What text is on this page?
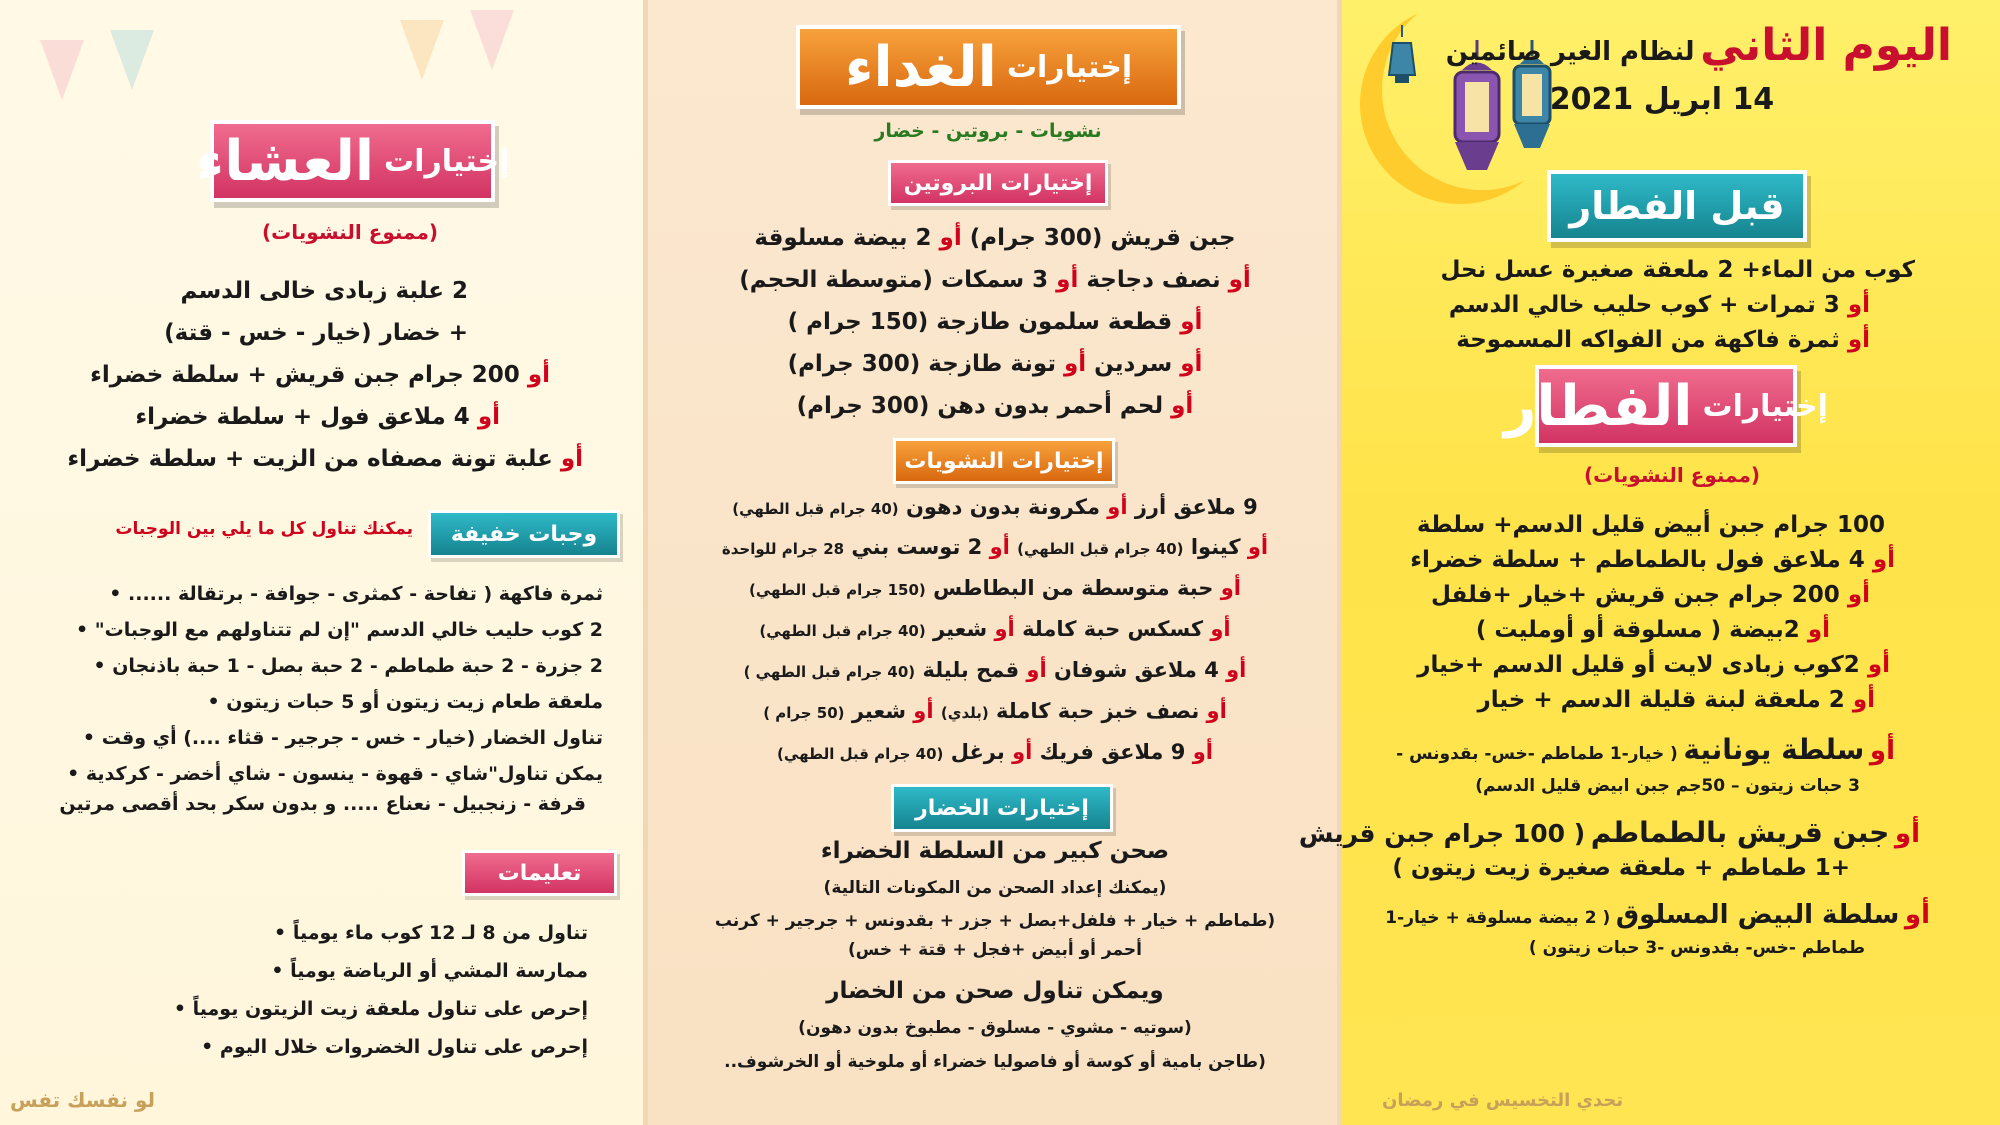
إختيارات
العشاء
(ممنوع النشويات)
2 علبة زبادى خالى الدسم
+ خضار (خيار - خس - قتة)
أو 200 جرام جبن قريش + سلطة خضراء
أو 4 ملاعق فول + سلطة خضراء
أو علبة تونة مصفاه من الزيت + سلطة خضراء
وجبات خفيفة
يمكنك تناول كل ما يلي بين الوجبات
ثمرة فاكهة ( تفاحة - كمثرى - جوافة - برتقالة ...... •
2 كوب حليب خالي الدسم "إن لم تتناولهم مع الوجبات" •
2 جزرة - 2 حبة طماطم - 2 حبة بصل - 1 حبة باذنجان •
ملعقة طعام زيت زيتون أو 5 حبات زيتون •
تناول الخضار (خيار - خس - جرجير - قثاء ....) أي وقت •
يمكن تناول"شاي - قهوة - ينسون - شاي أخضر - كركدية •
قرفة - زنجبيل - نعناع ..... و بدون سكر بحد أقصى مرتين
تعليمات
تناول من 8 لـ 12 كوب ماء يومياً •
ممارسة المشي أو الرياضة يومياً •
إحرص على تناول ملعقة زيت الزيتون يومياً •
إحرص على تناول الخضروات خلال اليوم •
لو نفسك تفس
إختيارات
الغداء
نشويات - بروتين - خضار
إختيارات البروتين
جبن قريش (300 جرام) أو 2 بيضة مسلوقة
أو نصف دجاجة أو 3 سمكات (متوسطة الحجم)
أو قطعة سلمون طازجة (150 جرام )
أو سردين أو تونة طازجة (300 جرام)
أو لحم أحمر بدون دهن (300 جرام)
إختيارات النشويات
9 ملاعق أرز أو مكرونة بدون دهون (40 جرام قبل الطهي)
أو كينوا (40 جرام قبل الطهي) أو 2 توست بني 28 جرام للواحدة
أو حبة متوسطة من البطاطس (150 جرام قبل الطهي)
أو كسكس حبة كاملة أو شعير (40 جرام قبل الطهي)
أو 4 ملاعق شوفان أو قمح بليلة (40 جرام قبل الطهي )
أو نصف خبز حبة كاملة (بلدي) أو شعير (50 جرام )
أو 9 ملاعق فريك أو برغل (40 جرام قبل الطهي)
إختيارات الخضار
صحن كبير من السلطة الخضراء
(يمكنك إعداد الصحن من المكونات التالية)
(طماطم + خيار + فلفل+بصل + جزر + بقدونس + جرجير + كرنب
أحمر أو أبيض +فجل + قتة + خس)
ويمكن تناول صحن من الخضار
(سوتيه - مشوي - مسلوق - مطبوخ بدون دهون)
(طاجن بامية أو كوسة أو فاصوليا خضراء أو ملوخية أو الخرشوف..
اليوم الثاني لنظام الغير صائمين
14 ابريل 2021
قبل الفطار
كوب من الماء+ 2 ملعقة صغيرة عسل نحل
أو 3 تمرات + كوب حليب خالي الدسم
أو ثمرة فاكهة من الفواكه المسموحة
إختيارات
الفطار
(ممنوع النشويات)
100 جرام جبن أبيض قليل الدسم+ سلطة
أو 4 ملاعق فول بالطماطم + سلطة خضراء
أو 200 جرام جبن قريش +خيار +فلفل
أو 2بيضة ( مسلوقة أو أومليت )
أو 2كوب زبادى لايت أو قليل الدسم +خيار
أو 2 ملعقة لبنة قليلة الدسم + خيار
أو سلطة يونانية ( خيار-1 طماطم -خس- بقدونس -
3 حبات زيتون – 50جم جبن ابيض قليل الدسم)
أو جبن قريش بالطماطم ( 100 جرام جبن قريش
+1 طماطم + ملعقة صغيرة زيت زيتون )
أو سلطة البيض المسلوق ( 2 بيضة مسلوقة + خيار-1
طماطم -خس- بقدونس -3 حبات زيتون )
تحدي التخسيس في رمضان
